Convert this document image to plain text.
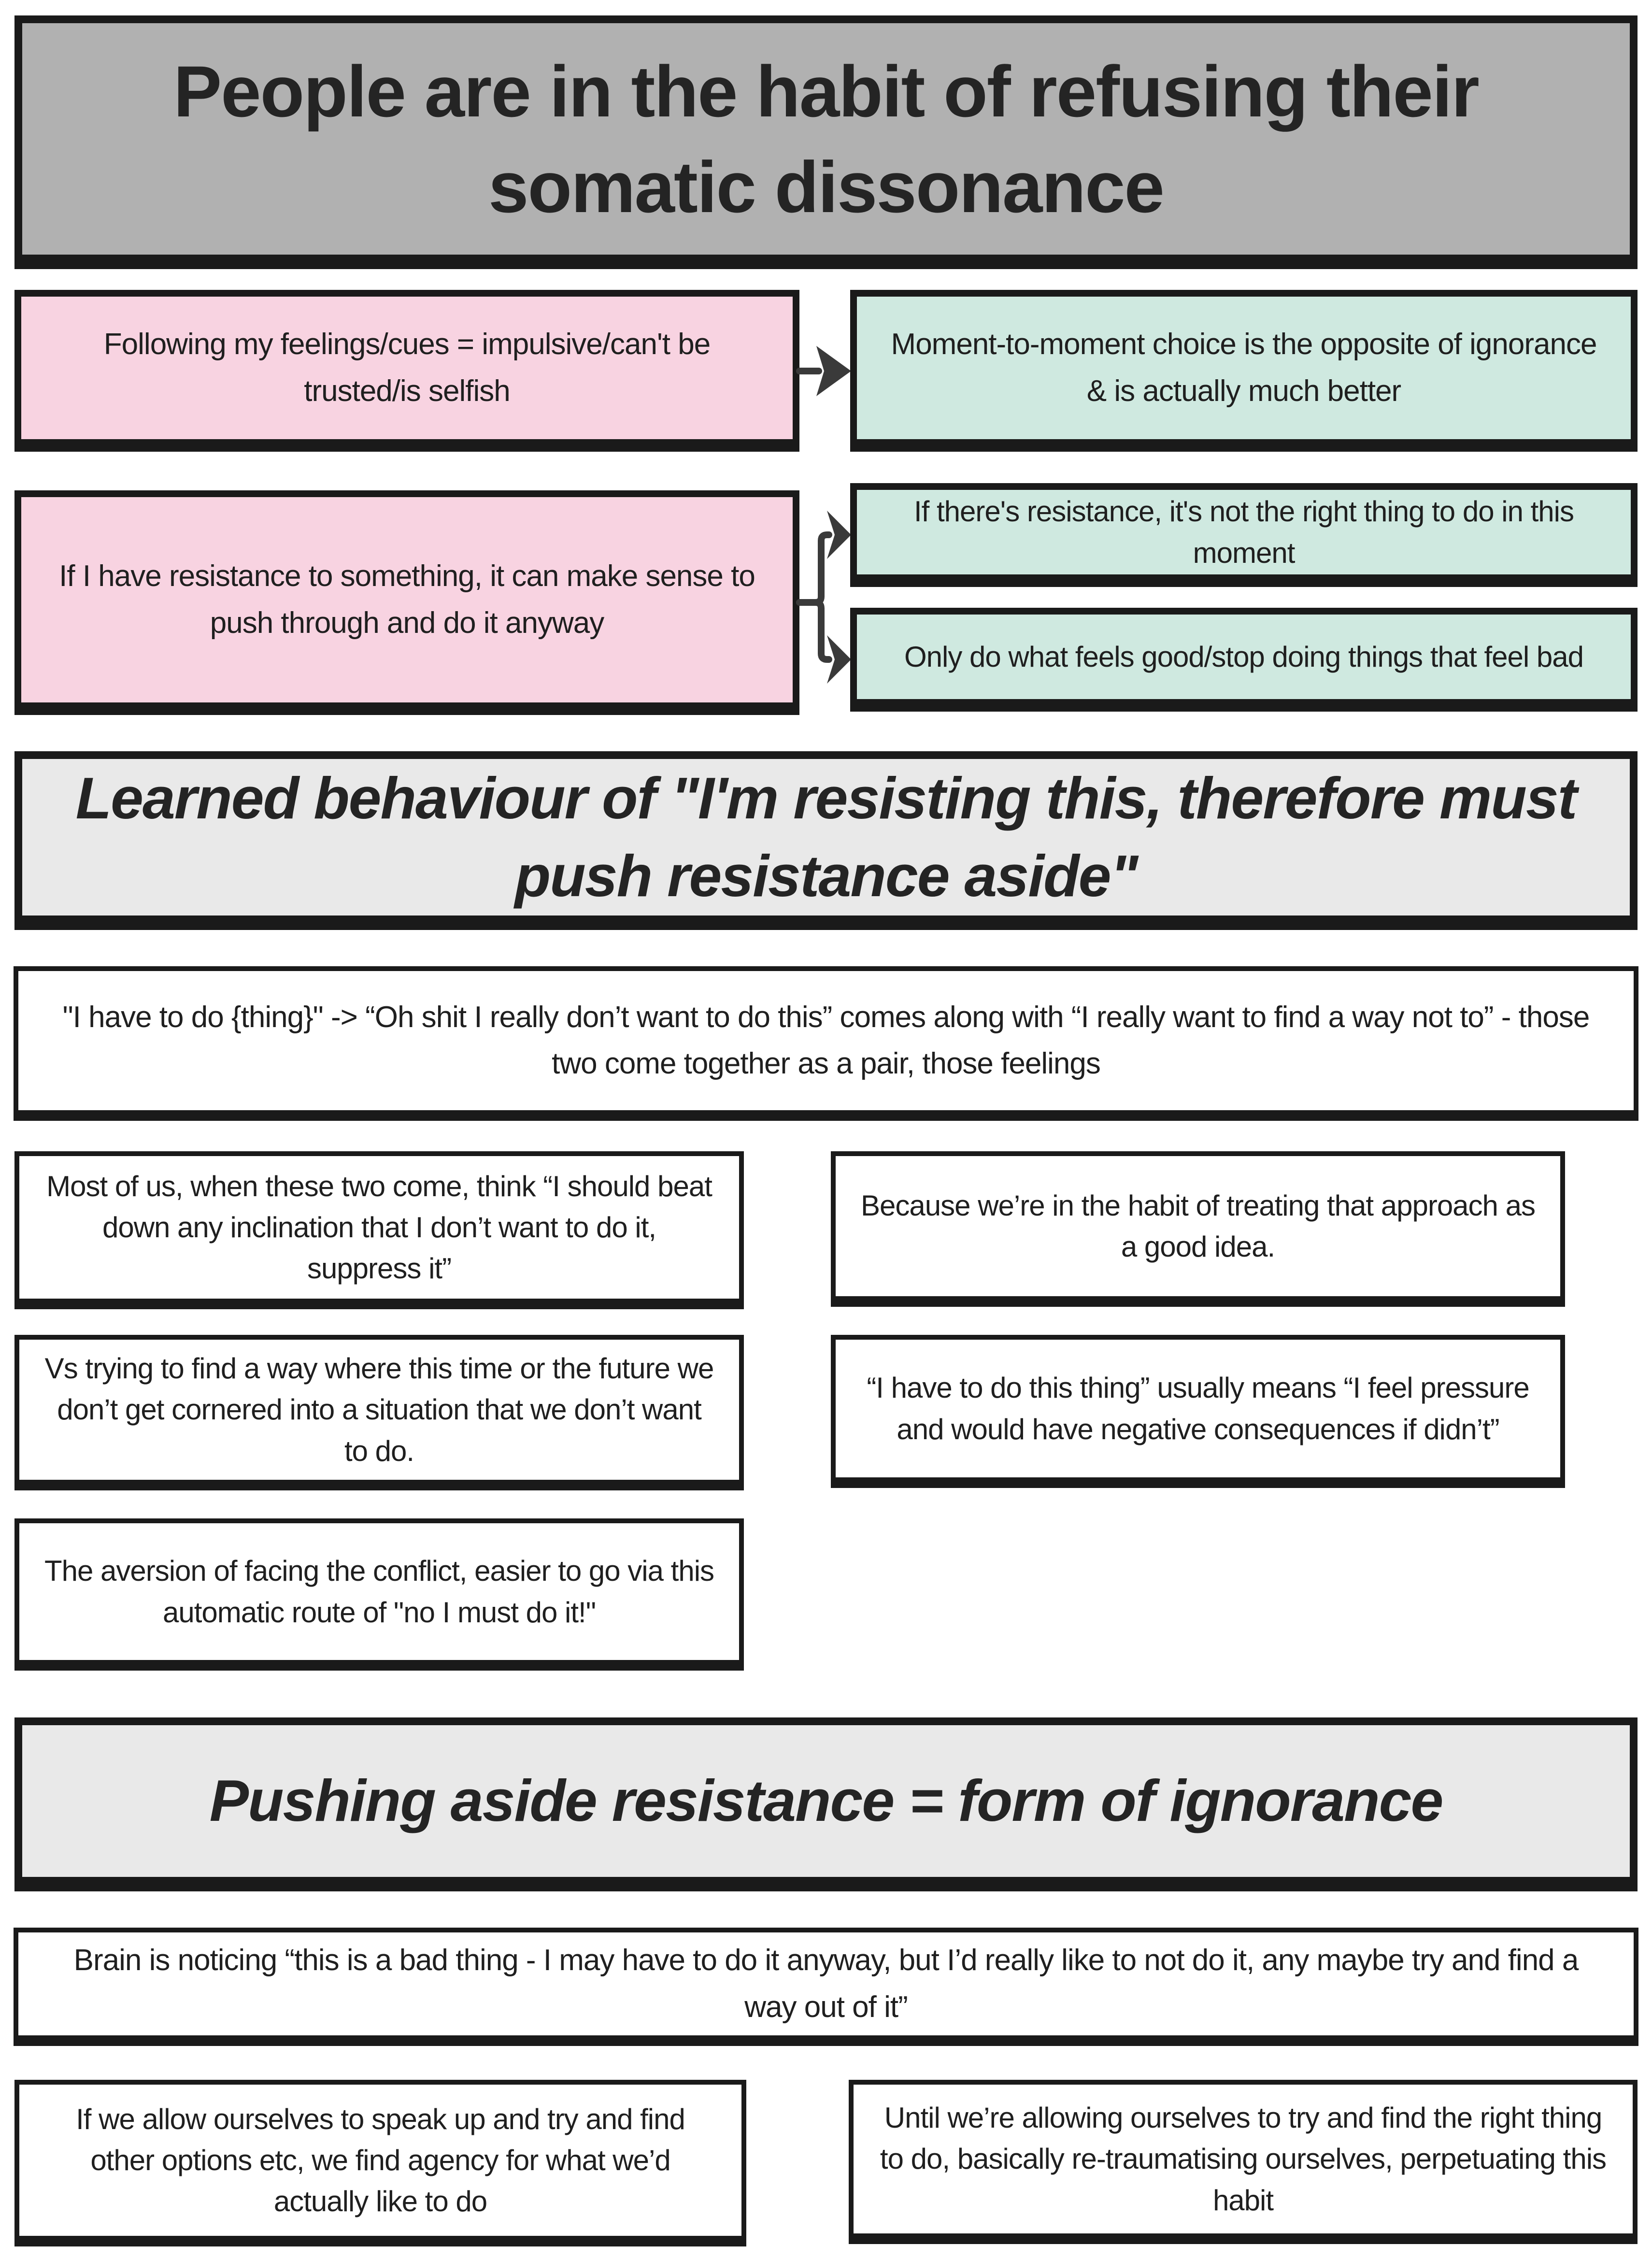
People are in the habit of refusing their somatic dissonance
Following my feelings/cues = impulsive/can't be trusted/is selfish
Moment-to-moment choice is the opposite of ignorance & is actually much better
If I have resistance to something, it can make sense to push through and do it anyway
If there's resistance, it's not the right thing to do in this moment
Only do what feels good/stop doing things that feel bad
Learned behaviour of "I'm resisting this, therefore must push resistance aside"
"I have to do {thing}" -> “Oh shit I really don’t want to do this” comes along with “I really want to find a way not to” - those two come together as a pair, those feelings
Most of us, when these two come, think “I should beat down any inclination that I don’t want to do it, suppress it”
Because we’re in the habit of treating that approach as a good idea.
Vs trying to find a way where this time or the future we don’t get cornered into a situation that we don’t want to do.
“I have to do this thing” usually means “I feel pressure and would have negative consequences if didn’t”
The aversion of facing the conflict, easier to go via this automatic route of "no I must do it!"
Pushing aside resistance = form of ignorance
Brain is noticing “this is a bad thing - I may have to do it anyway, but I’d really like to not do it, any maybe try and find a way out of it”
If we allow ourselves to speak up and try and find other options etc, we find agency for what we’d actually like to do
Until we’re allowing ourselves to try and find the right thing to do, basically re-traumatising ourselves, perpetuating this habit
